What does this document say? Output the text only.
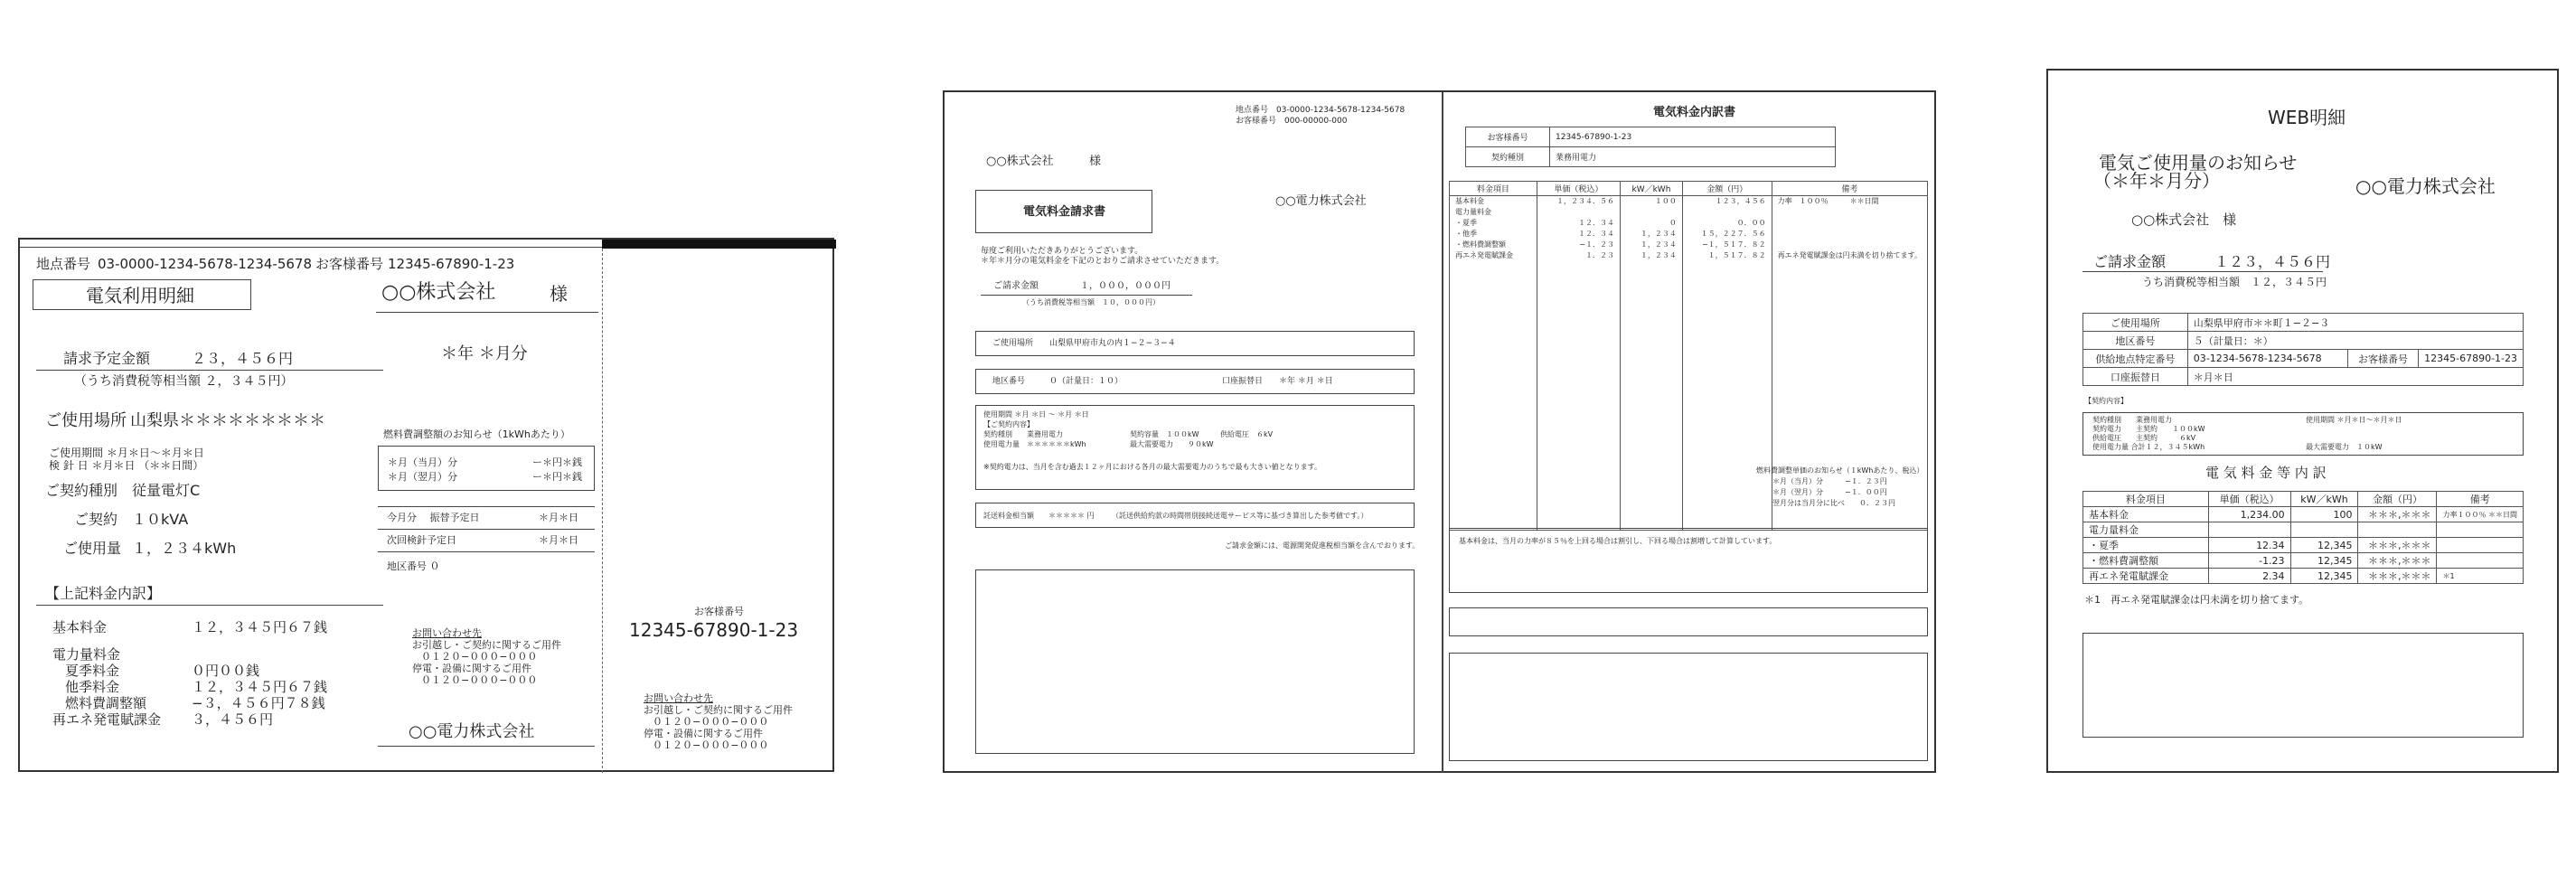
地点番号 03-0000-1234-5678-1234-5678 お客様番号 12345-67890-1-23
電気利用明細	○○株式会社	様
＊年 ＊月分
請求予定金額	２３，４５６円
（うち消費税等相当額 ２，３４５円）
ご使用場所 山梨県＊＊＊＊＊＊＊＊＊
ご使用期間 ＊月＊日～＊月＊日
検 針 日 ＊月＊日 （＊＊日間）
ご契約種別 従量電灯C
ご契約 １０kVA
ご使用量 １，２３４kWh
【上記料金内訳】
基本料金	１２，３４５円６７銭
電力量料金
夏季料金	０円００銭
他季料金	１２，３４５円６７銭
燃料費調整額	−３，４５６円７８銭
再エネ発電賦課金 ３，４５６円
燃料費調整額のお知らせ（1kWhあたり）
＊月（当月）分	ー＊円＊銭
＊月（翌月）分	ー＊円＊銭
今月分　 振替予定日	＊月＊日
次回検針予定日	＊月＊日
地区番号 ０
お問い合わせ先
お引越し・ご契約に関するご用件
０１２０−０００−０００
停電・設備に関するご用件
０１２０−０００−０００
○○電力株式会社
お客様番号
12345-67890-1-23
お問い合わせ先
お引越し・ご契約に関するご用件
０１２０−０００−０００
停電・設備に関するご用件
０１２０−０００−０００
地点番号　03-0000-1234-5678-1234-5678
お客様番号　000-00000-000
○○株式会社	様
電気料金請求書
○○電力株式会社
毎度ご利用いただきありがとうございます。
＊年＊月分の電気料金を下記のとおりご請求させていただきます。
ご請求金額	１，０００，０００円
（うち消費税等相当額　１０，０００円）
ご使用場所　　山梨県甲府市丸の内１−２−３−４
地区番号　　　０（計量日：１０）	口座振替日　　＊年 ＊月 ＊日
使用期間 ＊月 ＊日 〜 ＊月 ＊日
【ご契約内容】
契約種別　　業務用電力	契約容量　１００kW	供給電圧　６kV
使用電力量　＊＊＊＊＊＊kWh	最大需要電力　　９０kW
※契約電力は、当月を含む過去１２ヶ月における各月の最大需要電力のうちで最も大きい値となります。
託送料金相当額　　＊＊＊＊＊ 円 （託送供給約款の時間帯別接続送電サービス等に基づき算出した参考値です。）
ご請求金額には、電源開発促進税相当額を含んでおります。
電気料金内訳書
お客様番号	12345-67890-1-23
契約種別	業務用電力
料金項目	単価（税込）	kW／kWh	金額（円）	備考
基本料金	１，２３４．５６	１００	１２３，４５６	力率　１００％　　　＊＊日間
電力量料金				
・夏季	１２．３４	０	０．００	
・他季	１２．３４	１，２３４	１５，２２７．５６	
・燃料費調整額	−１．２３	１，２３４	−１，５１７．８２	
再エネ発電賦課金	１．２３	１，２３４	１，５１７．８２	再エネ発電賦課金は円未満を切り捨てます。

燃料費調整単価のお知らせ（１kWhあたり、税込）
＊月（当月）分　　　−１．２３円
＊月（翌月）分　　　−１．００円
翌月分は当月分に比べ　　０．２３円
基本料金は、当月の力率が８５％を上回る場合は割引し、下回る場合は割増して計算しています。
WEB明細
電気ご使用量のお知らせ
（＊年＊月分）	○○電力株式会社
○○株式会社　様
ご請求金額	１２３，４５６円
うち消費税等相当額　１２，３４５円
ご使用場所	山梨県甲府市＊＊町１−２−３		
地区番号	５（計量日：＊）		
供給地点特定番号	03-1234-5678-1234-5678	お客様番号	12345-67890-1-23
口座振替日	＊月＊日		
【契約内容】
契約種別　　業務用電力
契約電力　　主契約　　１００kW
供給電圧　　主契約　　　６kV
使用電力量 合計１２，３４５kWh
使用期間 ＊月＊日〜＊月＊日
最大需要電力　１０kW
電 気 料 金 等 内 訳
料金項目	単価（税込）	kW／kWh	金額（円）	備考
基本料金	1,234.00	100	＊＊＊,＊＊＊	力率１００％ ＊＊日間
電力量料金				
・夏季	12.34	12,345	＊＊＊,＊＊＊	
・燃料費調整額	-1.23	12,345	＊＊＊,＊＊＊	
再エネ発電賦課金	2.34	12,345	＊＊＊,＊＊＊	＊1
＊1　再エネ発電賦課金は円未満を切り捨てます。
